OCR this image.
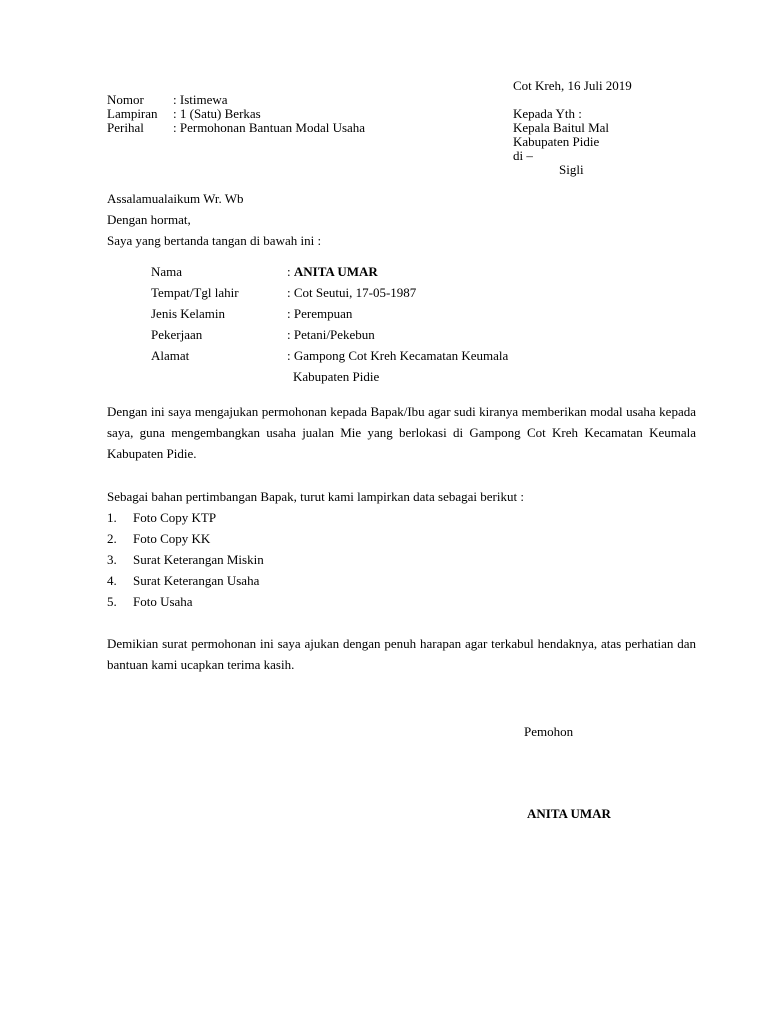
Cot Kreh, 16 Juli 2019
Nomor : Istimewa
Lampiran : 1 (Satu) Berkas
Perihal : Permohonan Bantuan Modal Usaha
Kepada Yth :
Kepala Baitul Mal
Kabupaten Pidie
di –
Sigli
Assalamualaikum Wr. Wb
Dengan hormat,
Saya yang bertanda tangan di bawah ini :
Nama	: ANITA UMAR
Tempat/Tgl lahir	: Cot Seutui, 17-05-1987
Jenis Kelamin	: Perempuan
Pekerjaan	: Petani/Pekebun
Alamat	: Gampong Cot Kreh Kecamatan Keumala
Kabupaten Pidie
Dengan ini saya mengajukan permohonan kepada Bapak/Ibu agar sudi kiranya memberikan modal usaha kepada saya, guna mengembangkan usaha jualan Mie yang berlokasi di Gampong Cot Kreh Kecamatan Keumala Kabupaten Pidie.
Sebagai bahan pertimbangan Bapak, turut kami lampirkan data sebagai berikut :
1. Foto Copy KTP
2. Foto Copy KK
3. Surat Keterangan Miskin
4. Surat Keterangan Usaha
5. Foto Usaha
Demikian surat permohonan ini saya ajukan dengan penuh harapan agar terkabul hendaknya, atas perhatian dan bantuan kami ucapkan terima kasih.
Pemohon
ANITA UMAR
